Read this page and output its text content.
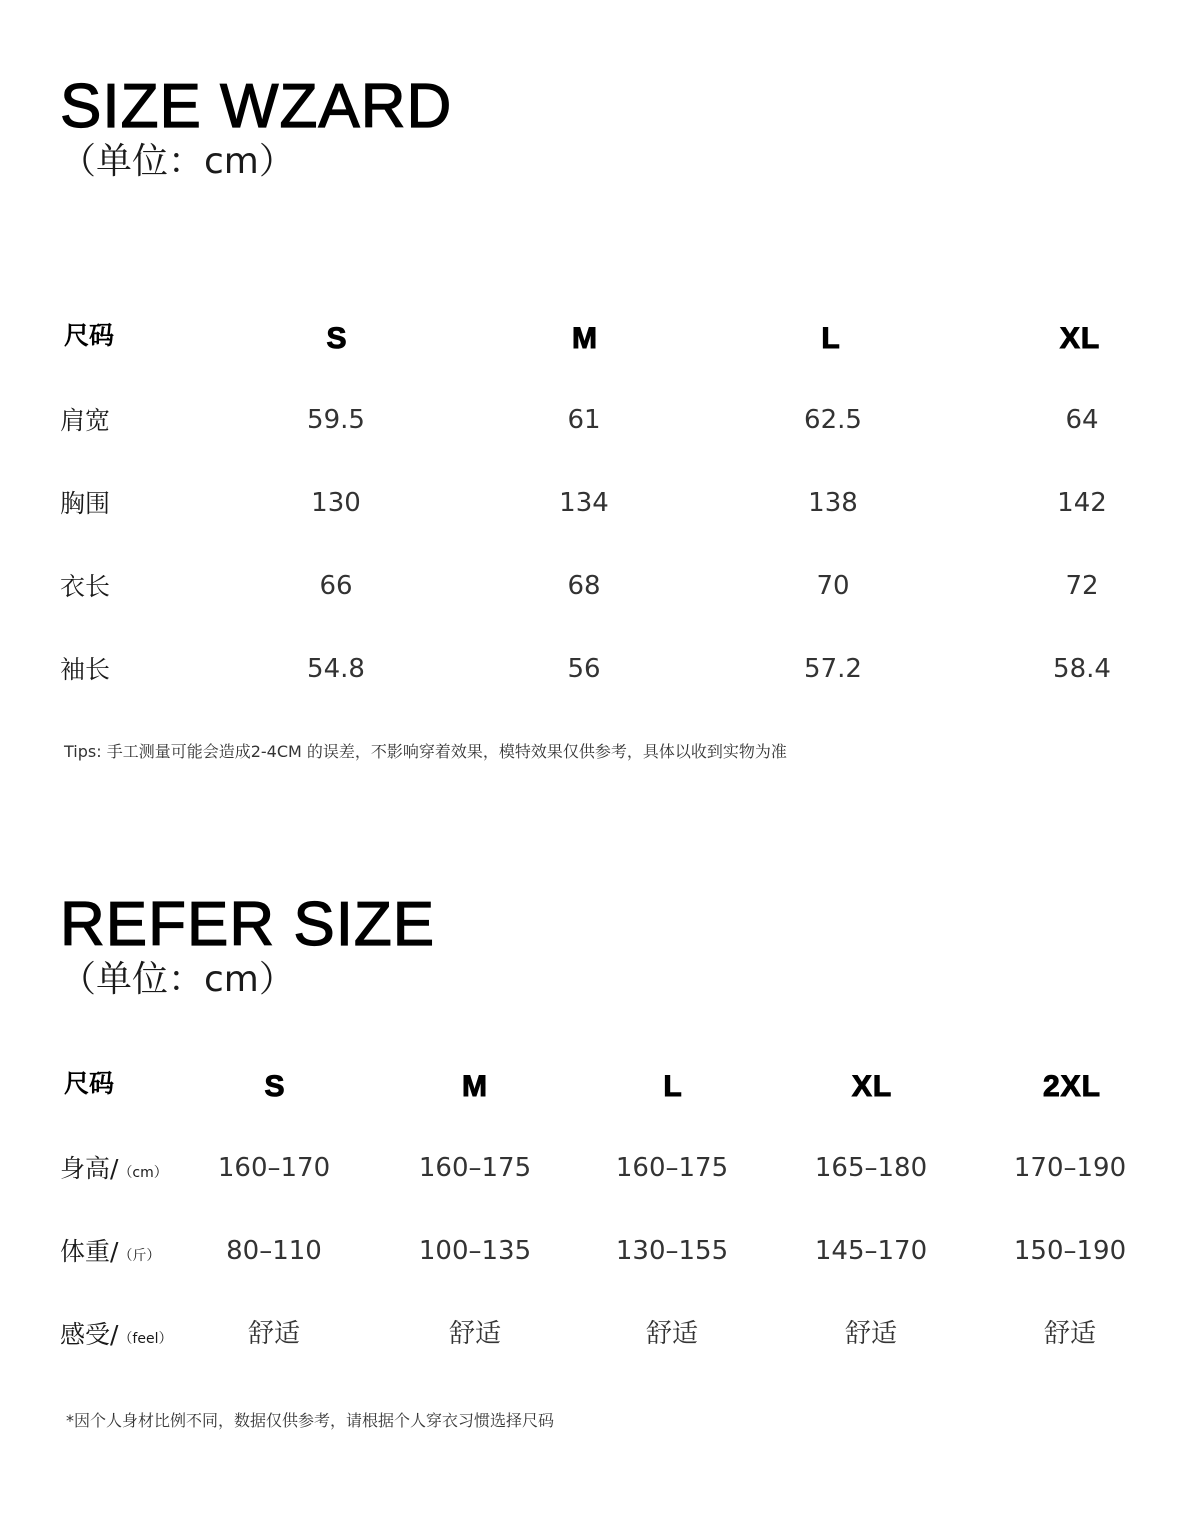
SIZE WZARD
（单位：cm）
尺码	S	M	L	XL
肩宽	59.5	61	62.5	64
胸围	130	134	138	142
衣长	66	68	70	72
袖长	54.8	56	57.2	58.4
Tips: 手工测量可能会造成2-4CM 的误差，不影响穿着效果，模特效果仅供参考，具体以收到实物为准
REFER SIZE
（单位：cm）
尺码	S	M	L	XL	2XL
身高/（cm） 160–170	160–175	160–175	165–180	170–190
体重/（斤）	80–110	100–135	130–155	145–170	150–190
感受/（feel）	舒适	舒适	舒适	舒适	舒适
*因个人身材比例不同，数据仅供参考，请根据个人穿衣习惯选择尺码
